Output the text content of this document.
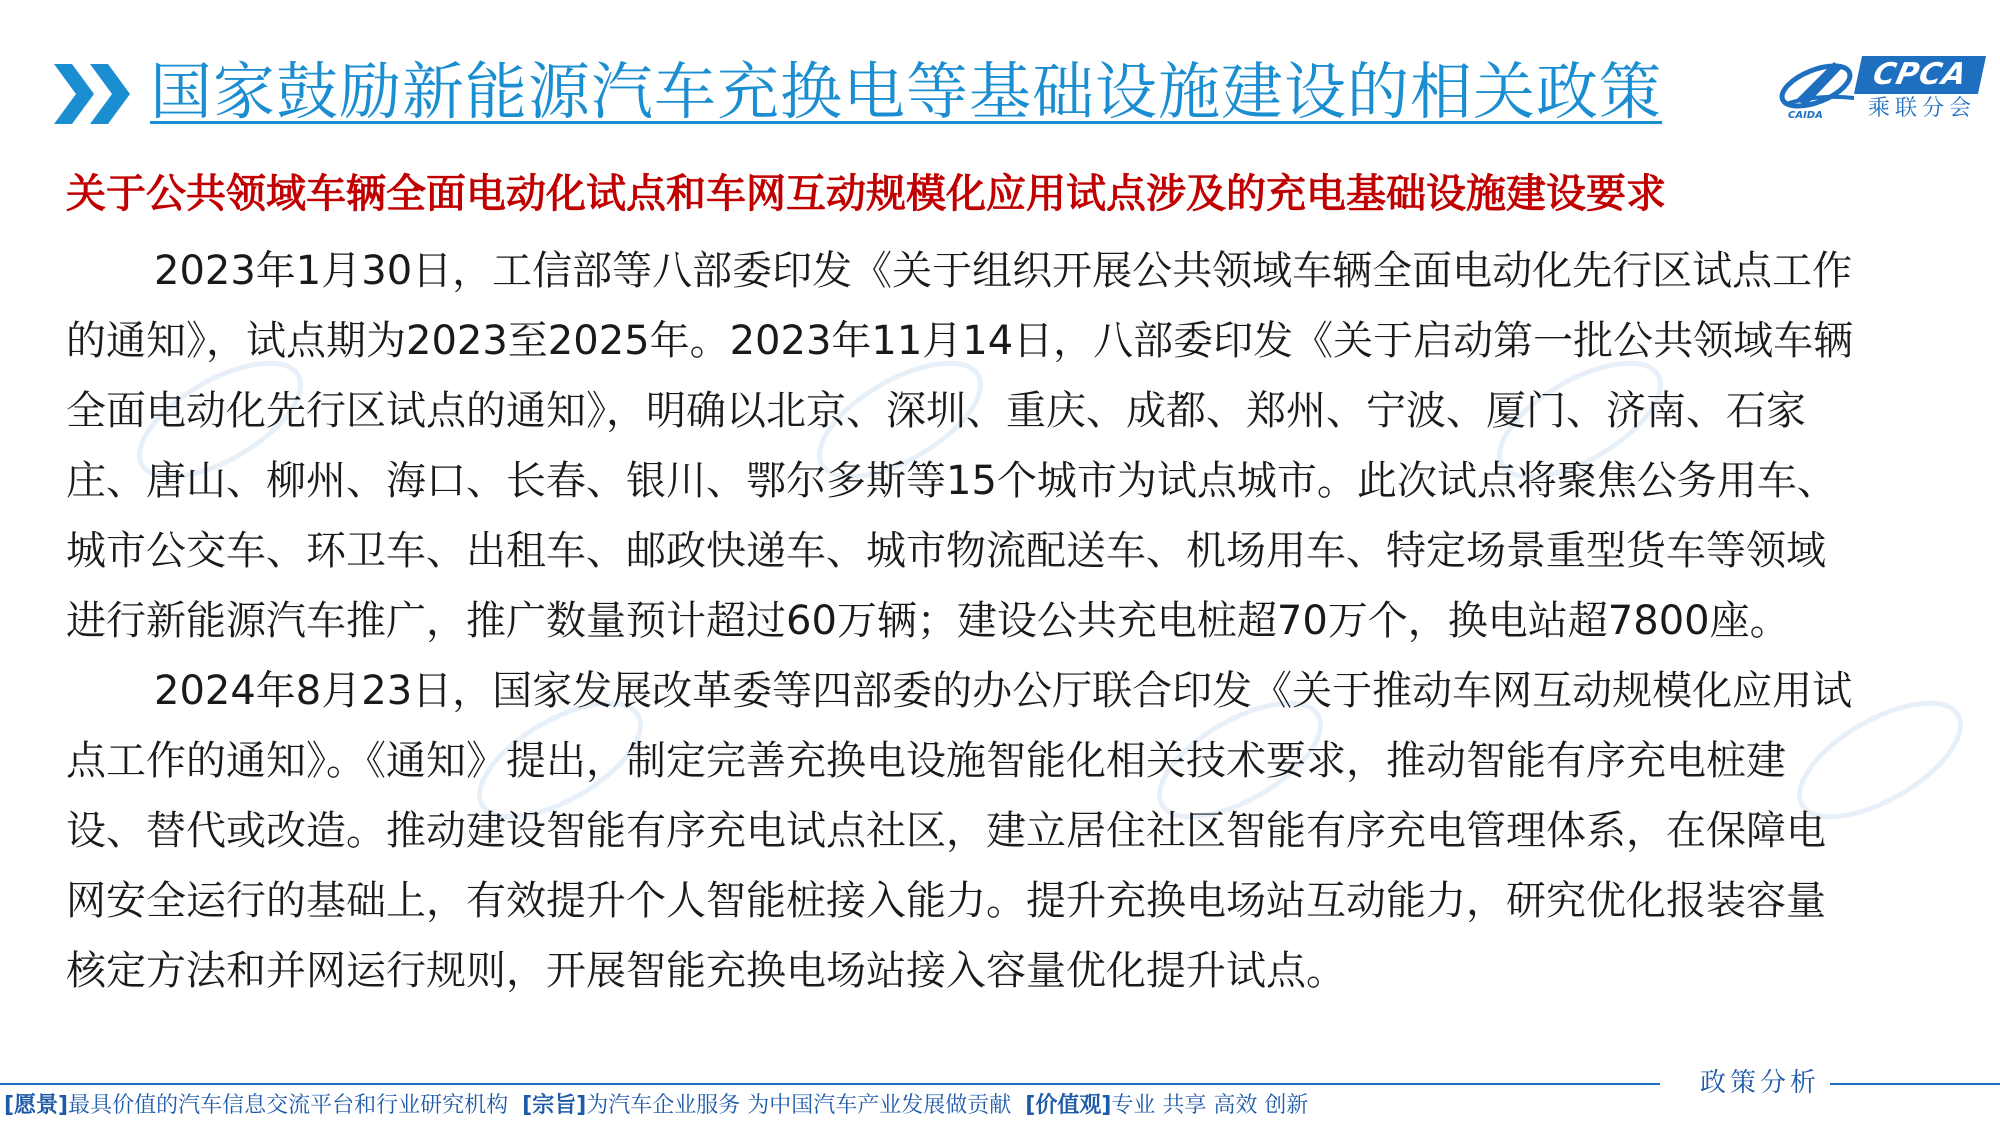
国家鼓励新能源汽车充换电等基础设施建设的相关政策	CPCA
乘联分会
CAIDA
关于公共领域车辆全面电动化试点和车网互动规模化应用试点涉及的充电基础设施建设要求

2023年1月30日，工信部等八部委印发《关于组织开展公共领域车辆全面电动化先行区试点工作
的通知》，试点期为2023至2025年。2023年11月14日，八部委印发《关于启动第一批公共领域车辆
全面电动化先行区试点的通知》，明确以北京、深圳、重庆、成都、郑州、宁波、厦门、济南、石家
庄、唐山、柳州、海口、长春、银川、鄂尔多斯等15个城市为试点城市。此次试点将聚焦公务用车、
城市公交车、环卫车、出租车、邮政快递车、城市物流配送车、机场用车、特定场景重型货车等领域
进行新能源汽车推广，推广数量预计超过60万辆；建设公共充电桩超70万个，换电站超7800座。

2024年8月23日，国家发展改革委等四部委的办公厅联合印发《关于推动车网互动规模化应用试
点工作的通知》。《通知》提出，制定完善充换电设施智能化相关技术要求，推动智能有序充电桩建
设、替代或改造。推动建设智能有序充电试点社区，建立居住社区智能有序充电管理体系，在保障电
网安全运行的基础上，有效提升个人智能桩接入能力。提升充换电场站互动能力，研究优化报装容量
核定方法和并网运行规则，开展智能充换电场站接入容量优化提升试点。

政策分析
[愿景]最具价值的汽车信息交流平台和行业研究机构 [宗旨]为汽车企业服务 为中国汽车产业发展做贡献 [价值观]专业 共享 高效 创新
